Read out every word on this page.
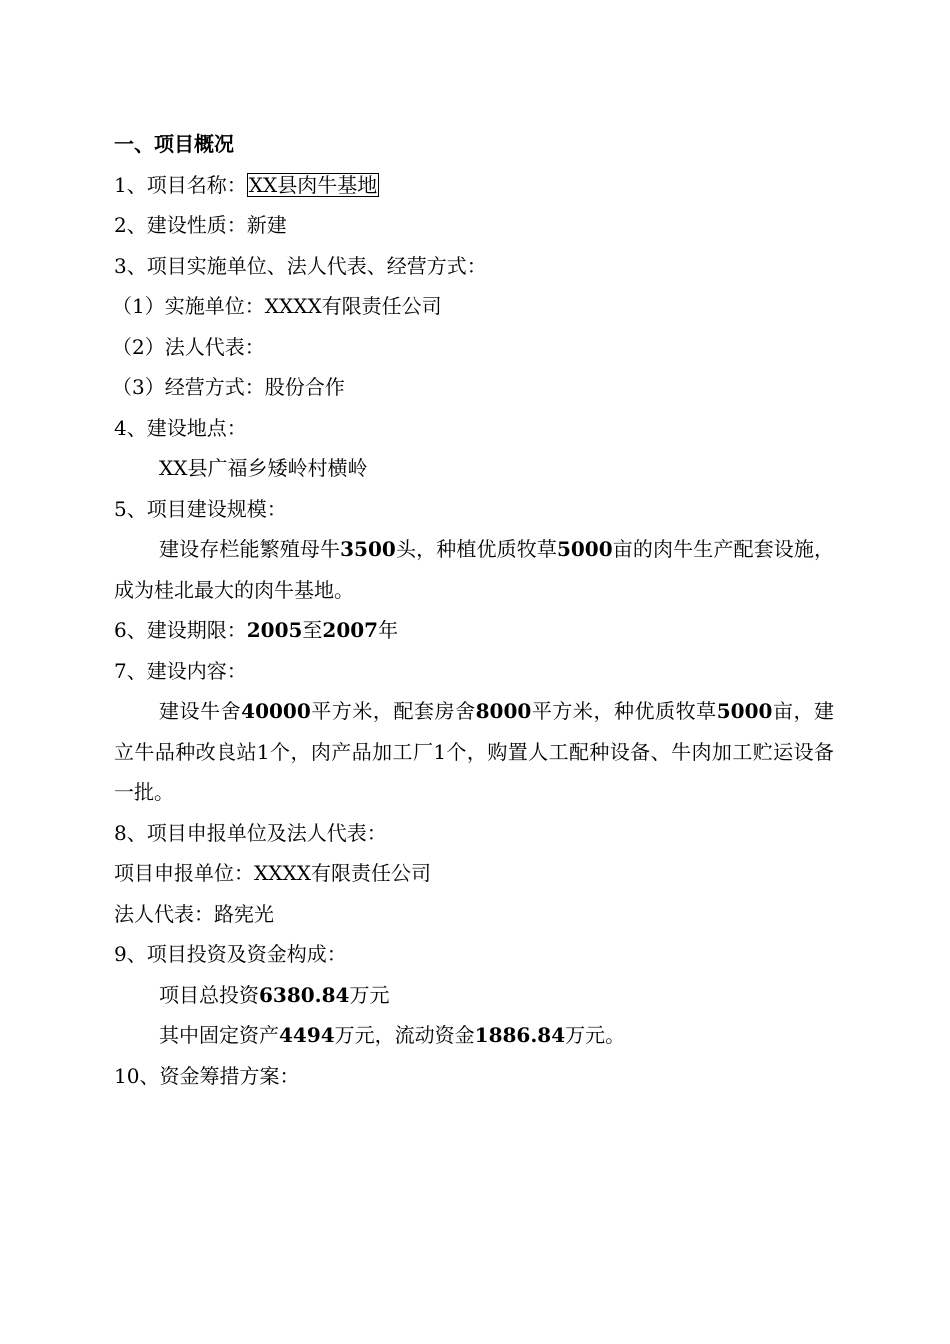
一、项目概况
1、项目名称： XX县肉牛基地
2、建设性质：新建
3、项目实施单位、法人代表、经营方式：
（1）实施单位：XXXX有限责任公司
（2）法人代表：
（3）经营方式：股份合作
4、建设地点：
XX县广福乡矮岭村横岭
5、项目建设规模：
建设存栏能繁殖母牛3500头，种植优质牧草5000亩的肉牛生产配套设施，成为桂北最大的肉牛基地。
6、建设期限：2005至2007年
7、建设内容：
建设牛舍40000平方米，配套房舍8000平方米，种优质牧草5000亩，建立牛品种改良站1个，肉产品加工厂1个，购置人工配种设备、牛肉加工贮运设备一批。
8、项目申报单位及法人代表：
项目申报单位：XXXX有限责任公司
法人代表：路宪光
9、项目投资及资金构成：
项目总投资6380.84万元
其中固定资产4494万元，流动资金1886.84万元。
10、资金筹措方案：
